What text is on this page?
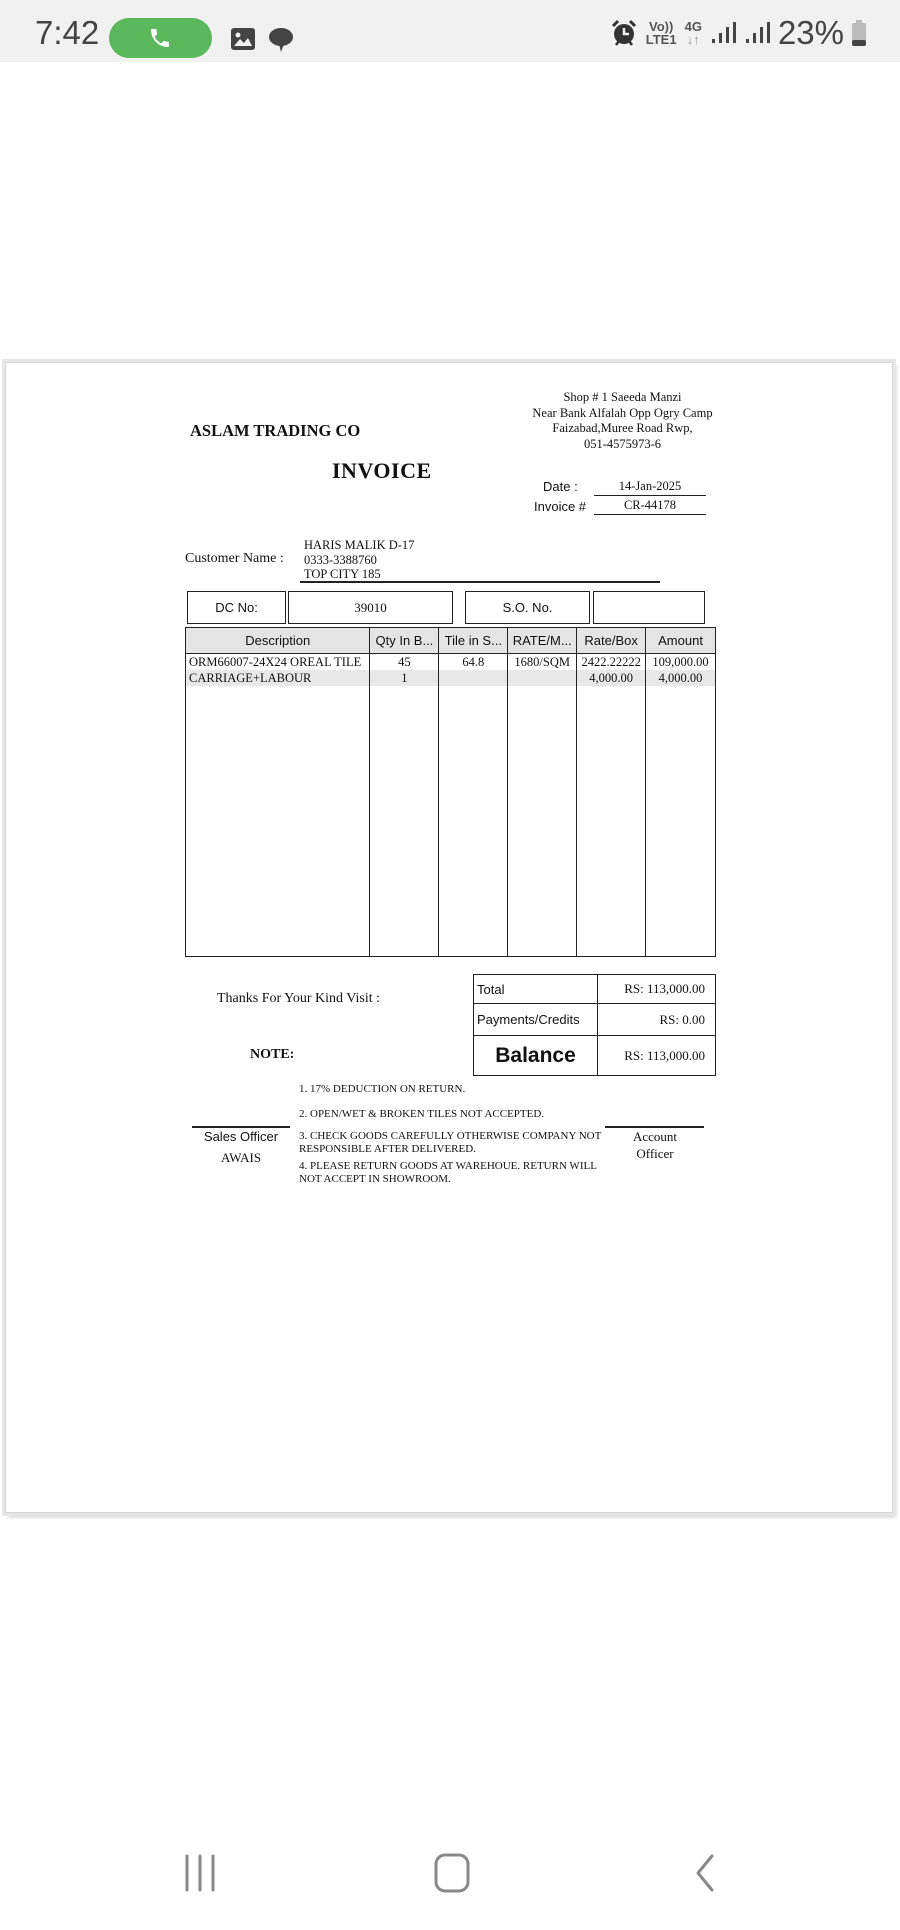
7:42	Vo))
LTE1
4G
↓↑ 23%
ASLAM TRADING CO
Shop # 1 Saeeda Manzi
Near Bank Alfalah Opp Ogry Camp
Faizabad,Muree Road Rwp,
051-4575973-6
INVOICE
Date :	14-Jan-2025
Invoice #	CR-44178
Customer Name :
HARIS MALIK D-17
0333-3388760
TOP CITY 185
DC No:	39010	S.O. No.
Description	Qty In B...	Tile in S...	RATE/M...	Rate/Box	Amount
ORM66007-24X24 OREAL TILE	45	64.8	1680/SQM	2422.22222	109,000.00
CARRIAGE+LABOUR	1			4,000.00	4,000.00

Thanks For Your Kind Visit :
NOTE:
Total	RS: 113,000.00
Payments/Credits	RS: 0.00
Balance	RS: 113,000.00
1. 17% DEDUCTION ON RETURN.
2. OPEN/WET & BROKEN TILES NOT ACCEPTED.
3. CHECK GOODS CAREFULLY OTHERWISE COMPANY NOT RESPONSIBLE AFTER DELIVERED.
4. PLEASE RETURN GOODS AT WAREHOUE. RETURN WILL NOT ACCEPT IN SHOWROOM.
Sales Officer
AWAIS
Account Officer
